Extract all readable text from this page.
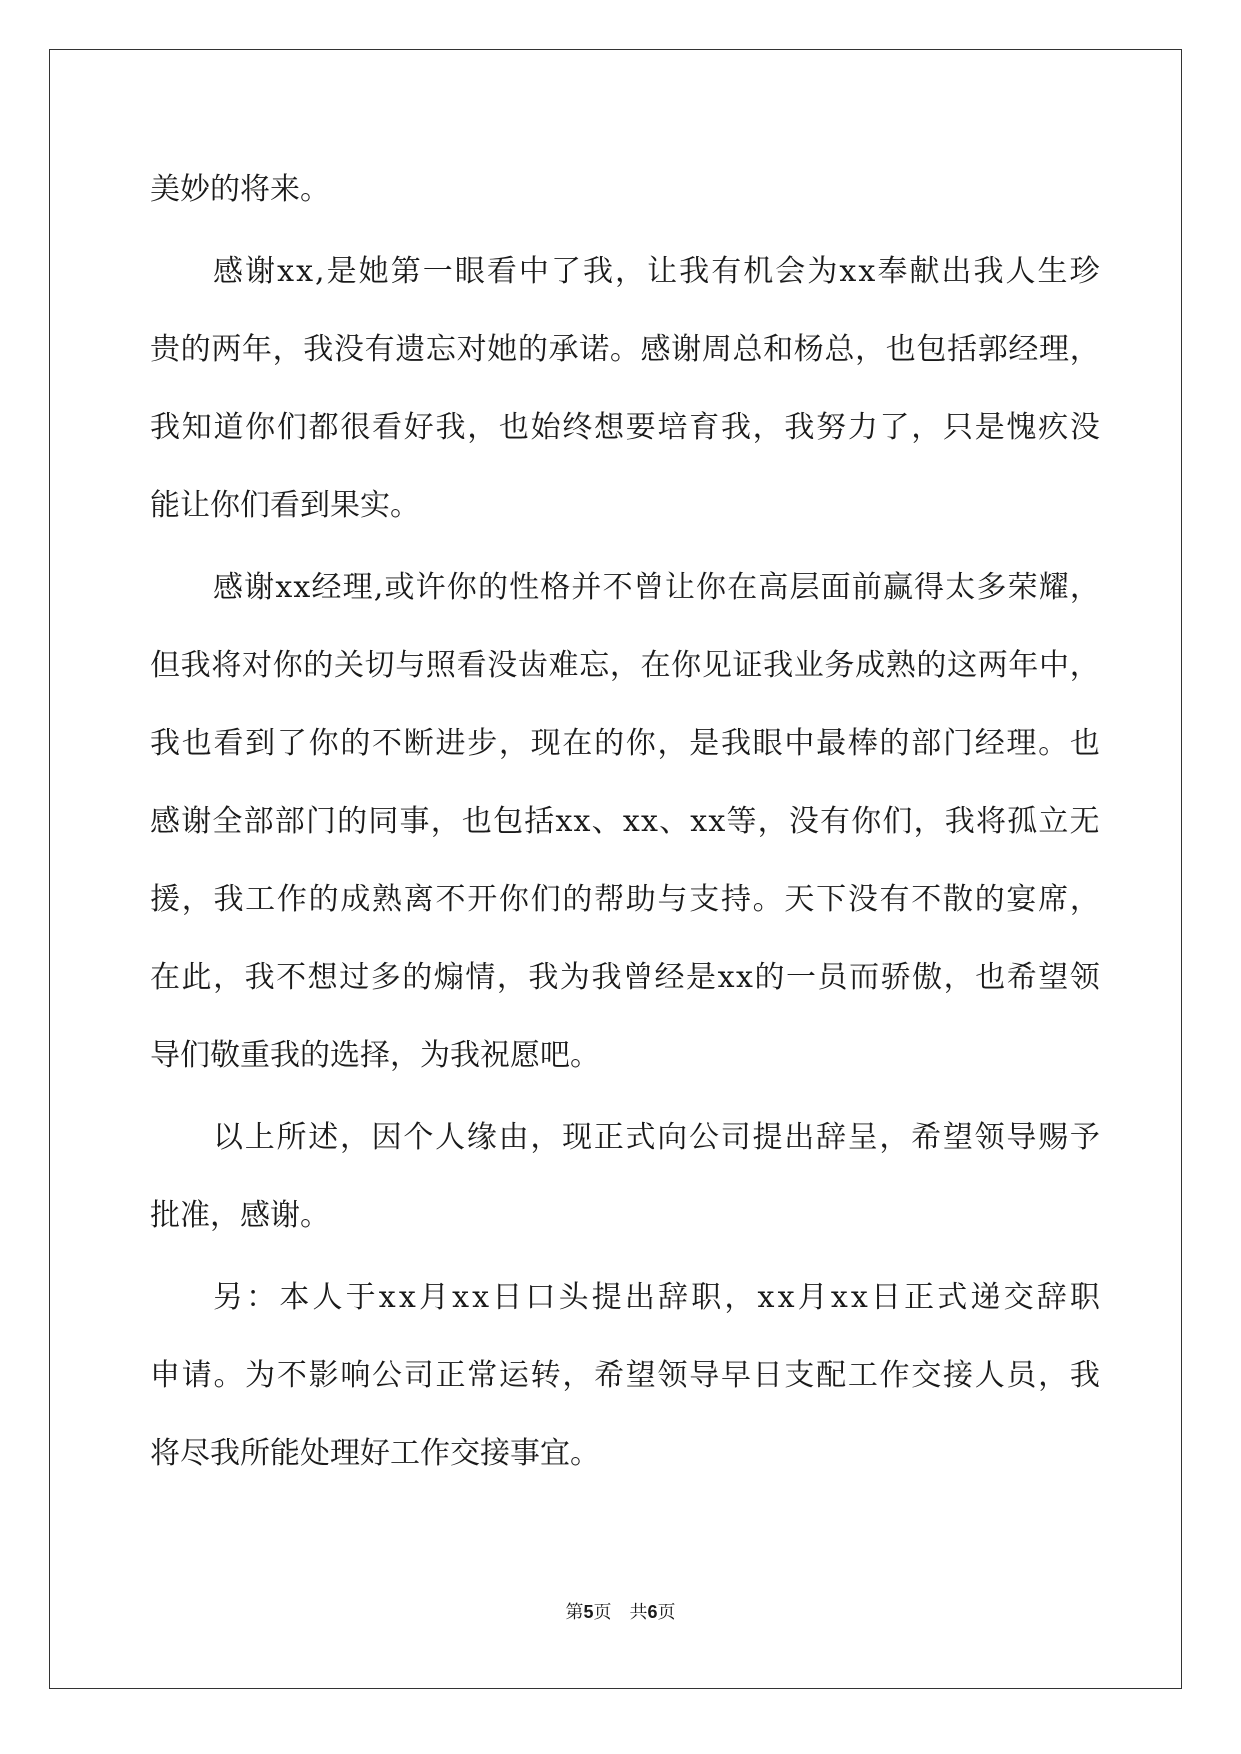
美妙的将来。
感 谢 x x , 是 她 第 一 眼 看 中 了 我 ， 让 我 有 机 会 为 x x 奉 献 出 我 人 生 珍
贵 的 两 年 ， 我 没 有 遗 忘 对 她 的 承 诺 。 感 谢 周 总 和 杨 总 ， 也 包 括 郭 经 理 ，
我 知 道 你 们 都 很 看 好 我 ， 也 始 终 想 要 培 育 我 ， 我 努 力 了 ， 只 是 愧 疚 没
能让你们看到果实。
感 谢 x x 经 理 , 或 许 你 的 性 格 并 不 曾 让 你 在 高 层 面 前 赢 得 太 多 荣 耀 ，
但 我 将 对 你 的 关 切 与 照 看 没 齿 难 忘 ， 在 你 见 证 我 业 务 成 熟 的 这 两 年 中 ，
我 也 看 到 了 你 的 不 断 进 步 ， 现 在 的 你 ， 是 我 眼 中 最 棒 的 部 门 经 理 。 也
感 谢 全 部 部 门 的 同 事 ， 也 包 括 x x 、 x x 、 x x 等 ， 没 有 你 们 ， 我 将 孤 立 无
援 ， 我 工 作 的 成 熟 离 不 开 你 们 的 帮 助 与 支 持 。 天 下 没 有 不 散 的 宴 席 ，
在 此 ， 我 不 想 过 多 的 煽 情 ， 我 为 我 曾 经 是 x x 的 一 员 而 骄 傲 ， 也 希 望 领
导们敬重我的选择，为我祝愿吧。
以 上 所 述 ， 因 个 人 缘 由 ， 现 正 式 向 公 司 提 出 辞 呈 ， 希 望 领 导 赐 予
批准，感谢。
另 ： 本 人 于 x x 月 x x 日 口 头 提 出 辞 职 ， x x 月 x x 日 正 式 递 交 辞 职
申 请 。 为 不 影 响 公 司 正 常 运 转 ， 希 望 领 导 早 日 支 配 工 作 交 接 人 员 ， 我
将尽我所能处理好工作交接事宜。
第5页　共6页
